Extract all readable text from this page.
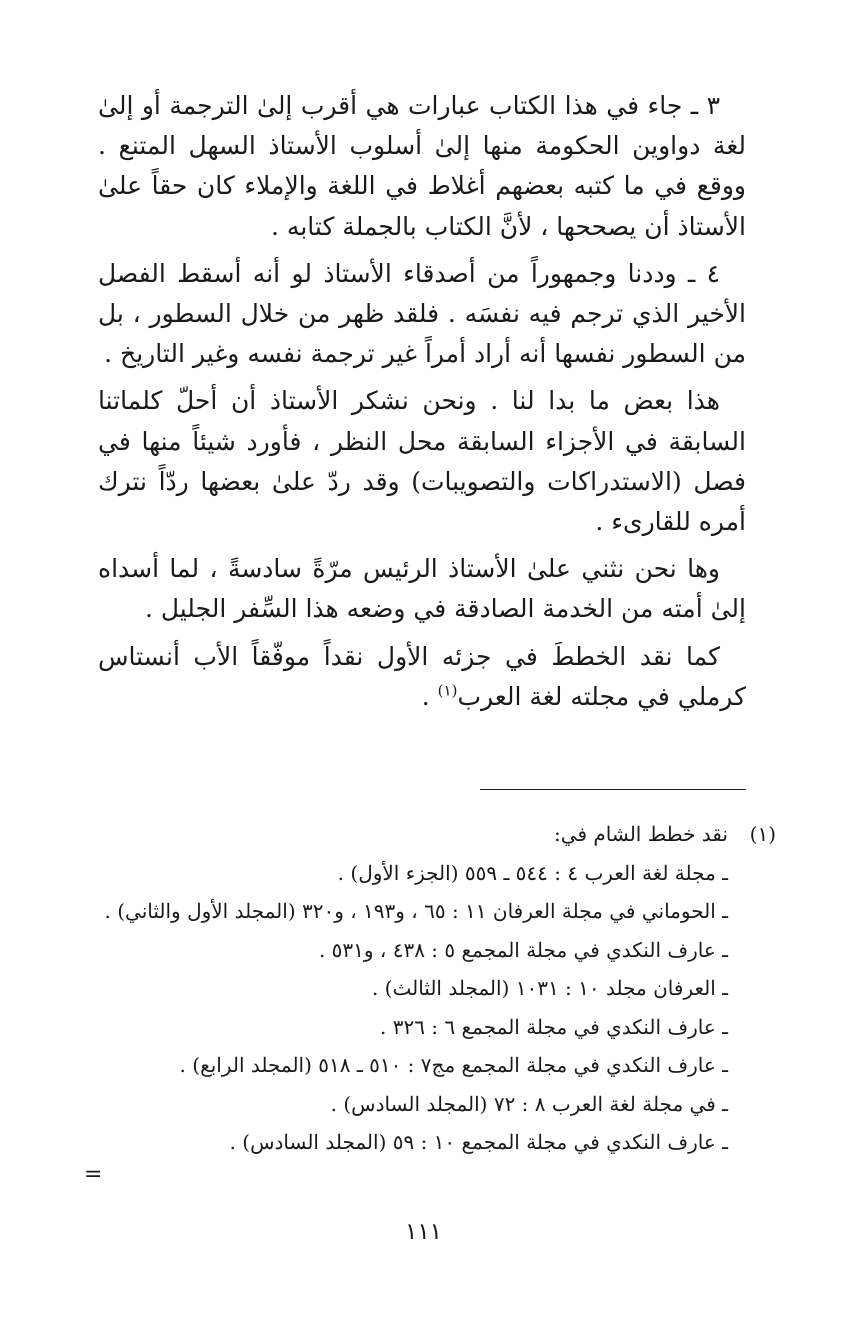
٣ ـ جاء في هذا الكتاب عبارات هي أقرب إلىٰ الترجمة أو إلىٰ لغة دواوين الحكومة منها إلىٰ أسلوب الأستاذ السهل المتنع . ووقع في ما كتبه بعضهم أغلاط في اللغة والإملاء كان حقاً علىٰ الأستاذ أن يصححها ، لأنَّ الكتاب بالجملة كتابه .

٤ ـ وددنا وجمهوراً من أصدقاء الأستاذ لو أنه أسقط الفصل الأخير الذي ترجم فيه نفسَه . فلقد ظهر من خلال السطور ، بل من السطور نفسها أنه أراد أمراً غير ترجمة نفسه وغير التاريخ .

هذا بعض ما بدا لنا . ونحن نشكر الأستاذ أن أحلّ كلماتنا السابقة في الأجزاء السابقة محل النظر ، فأورد شيئاً منها في فصل (الاستدراكات والتصويبات) وقد ردّ علىٰ بعضها ردّاً نترك أمره للقارىء .

وها نحن نثني علىٰ الأستاذ الرئيس مرّةً سادسةً ، لما أسداه إلىٰ أمته من الخدمة الصادقة في وضعه هذا السِّفر الجليل .

كما نقد الخططَ في جزئه الأول نقداً موفّقاً الأب أنستاس كرملي في مجلته لغة العرب$^{(١)}$ .

(١)
نقد خطط الشام في:
ـ مجلة لغة العرب ٤ : ٥٤٤ ـ ٥٥٩ (الجزء الأول) .
ـ الحوماني في مجلة العرفان ١١ : ٦٥ ، و١٩٣ ، و٣٢٠ (المجلد الأول والثاني) .
ـ عارف النكدي في مجلة المجمع ٥ : ٤٣٨ ، و٥٣١ .
ـ العرفان مجلد ١٠ : ١٠٣١ (المجلد الثالث) .
ـ عارف النكدي في مجلة المجمع ٦ : ٣٢٦ .
ـ عارف النكدي في مجلة المجمع مج٧ : ٥١٠ ـ ٥١٨ (المجلد الرابع) .
ـ في مجلة لغة العرب ٨ : ٧٢ (المجلد السادس) .
ـ عارف النكدي في مجلة المجمع ١٠ : ٥٩ (المجلد السادس) .
=
١١١
